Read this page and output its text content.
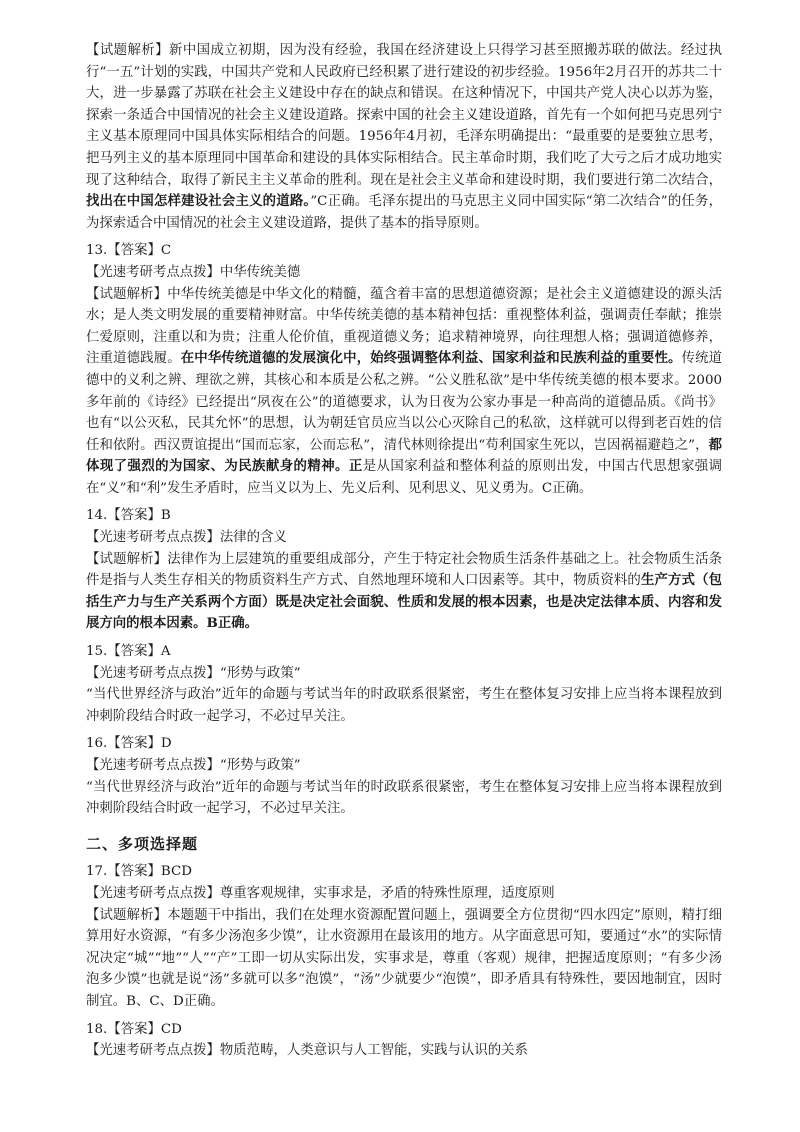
【试题解析】新中国成立初期，因为没有经验，我国在经济建设上只得学习甚至照搬苏联的做法。经过执行“一五”计划的实践，中国共产党和人民政府已经积累了进行建设的初步经验。1956年2月召开的苏共二十大，进一步暴露了苏联在社会主义建设中存在的缺点和错误。在这种情况下，中国共产党人决心以苏为鉴，探索一条适合中国情况的社会主义建设道路。探索中国的社会主义建设道路，首先有一个如何把马克思列宁主义基本原理同中国具体实际相结合的问题。1956年4月初，毛泽东明确提出：“最重要的是要独立思考，把马列主义的基本原理同中国革命和建设的具体实际相结合。民主革命时期，我们吃了大亏之后才成功地实现了这种结合，取得了新民主主义革命的胜利。现在是社会主义革命和建设时期，我们要进行第二次结合，找出在中国怎样建设社会主义的道路。”C正确。毛泽东提出的马克思主义同中国实际“第二次结合”的任务，为探索适合中国情况的社会主义建设道路，提供了基本的指导原则。

13.【答案】C

【光速考研考点点拨】中华传统美德

【试题解析】中华传统美德是中华文化的精髓，蕴含着丰富的思想道德资源；是社会主义道德建设的源头活水；是人类文明发展的重要精神财富。中华传统美德的基本精神包括：重视整体利益，强调责任奉献；推崇仁爱原则，注重以和为贵；注重人伦价值，重视道德义务；追求精神境界，向往理想人格；强调道德修养，注重道德践履。在中华传统道德的发展演化中，始终强调整体利益、国家利益和民族利益的重要性。传统道德中的义利之辨、理欲之辨，其核心和本质是公私之辨。“公义胜私欲”是中华传统美德的根本要求。2000多年前的《诗经》已经提出“夙夜在公”的道德要求，认为日夜为公家办事是一种高尚的道德品质。《尚书》也有“以公灭私，民其允怀”的思想，认为朝廷官员应当以公心灭除自己的私欲，这样就可以得到老百姓的信任和依附。西汉贾谊提出“国而忘家，公而忘私”，清代林则徐提出“苟利国家生死以，岂因祸福避趋之”，都体现了强烈的为国家、为民族献身的精神。正是从国家利益和整体利益的原则出发，中国古代思想家强调在“义”和“利”发生矛盾时，应当义以为上、先义后利、见利思义、见义勇为。C正确。

14.【答案】B

【光速考研考点点拨】法律的含义

【试题解析】法律作为上层建筑的重要组成部分，产生于特定社会物质生活条件基础之上。社会物质生活条件是指与人类生存相关的物质资料生产方式、自然地理环境和人口因素等。其中，物质资料的生产方式（包括生产力与生产关系两个方面）既是决定社会面貌、性质和发展的根本因素，也是决定法律本质、内容和发展方向的根本因素。B正确。

15.【答案】A

【光速考研考点点拨】“形势与政策”

“当代世界经济与政治”近年的命题与考试当年的时政联系很紧密，考生在整体复习安排上应当将本课程放到冲刺阶段结合时政一起学习，不必过早关注。

16.【答案】D

【光速考研考点点拨】“形势与政策”

“当代世界经济与政治”近年的命题与考试当年的时政联系很紧密，考生在整体复习安排上应当将本课程放到冲刺阶段结合时政一起学习，不必过早关注。

二、多项选择题

17.【答案】BCD

【光速考研考点点拨】尊重客观规律，实事求是，矛盾的特殊性原理，适度原则

【试题解析】本题题干中指出，我们在处理水资源配置问题上，强调要全方位贯彻“四水四定”原则，精打细算用好水资源，“有多少汤泡多少馍”，让水资源用在最该用的地方。从字面意思可知，要通过“水”的实际情况决定“城”“地”“人”“产”工即一切从实际出发，实事求是，尊重（客观）规律，把握适度原则；“有多少汤泡多少馍”也就是说“汤”多就可以多“泡馍”，“汤”少就要少“泡馍”，即矛盾具有特殊性，要因地制宜，因时制宜。B、C、D正确。

18.【答案】CD

【光速考研考点点拨】物质范畴，人类意识与人工智能，实践与认识的关系
